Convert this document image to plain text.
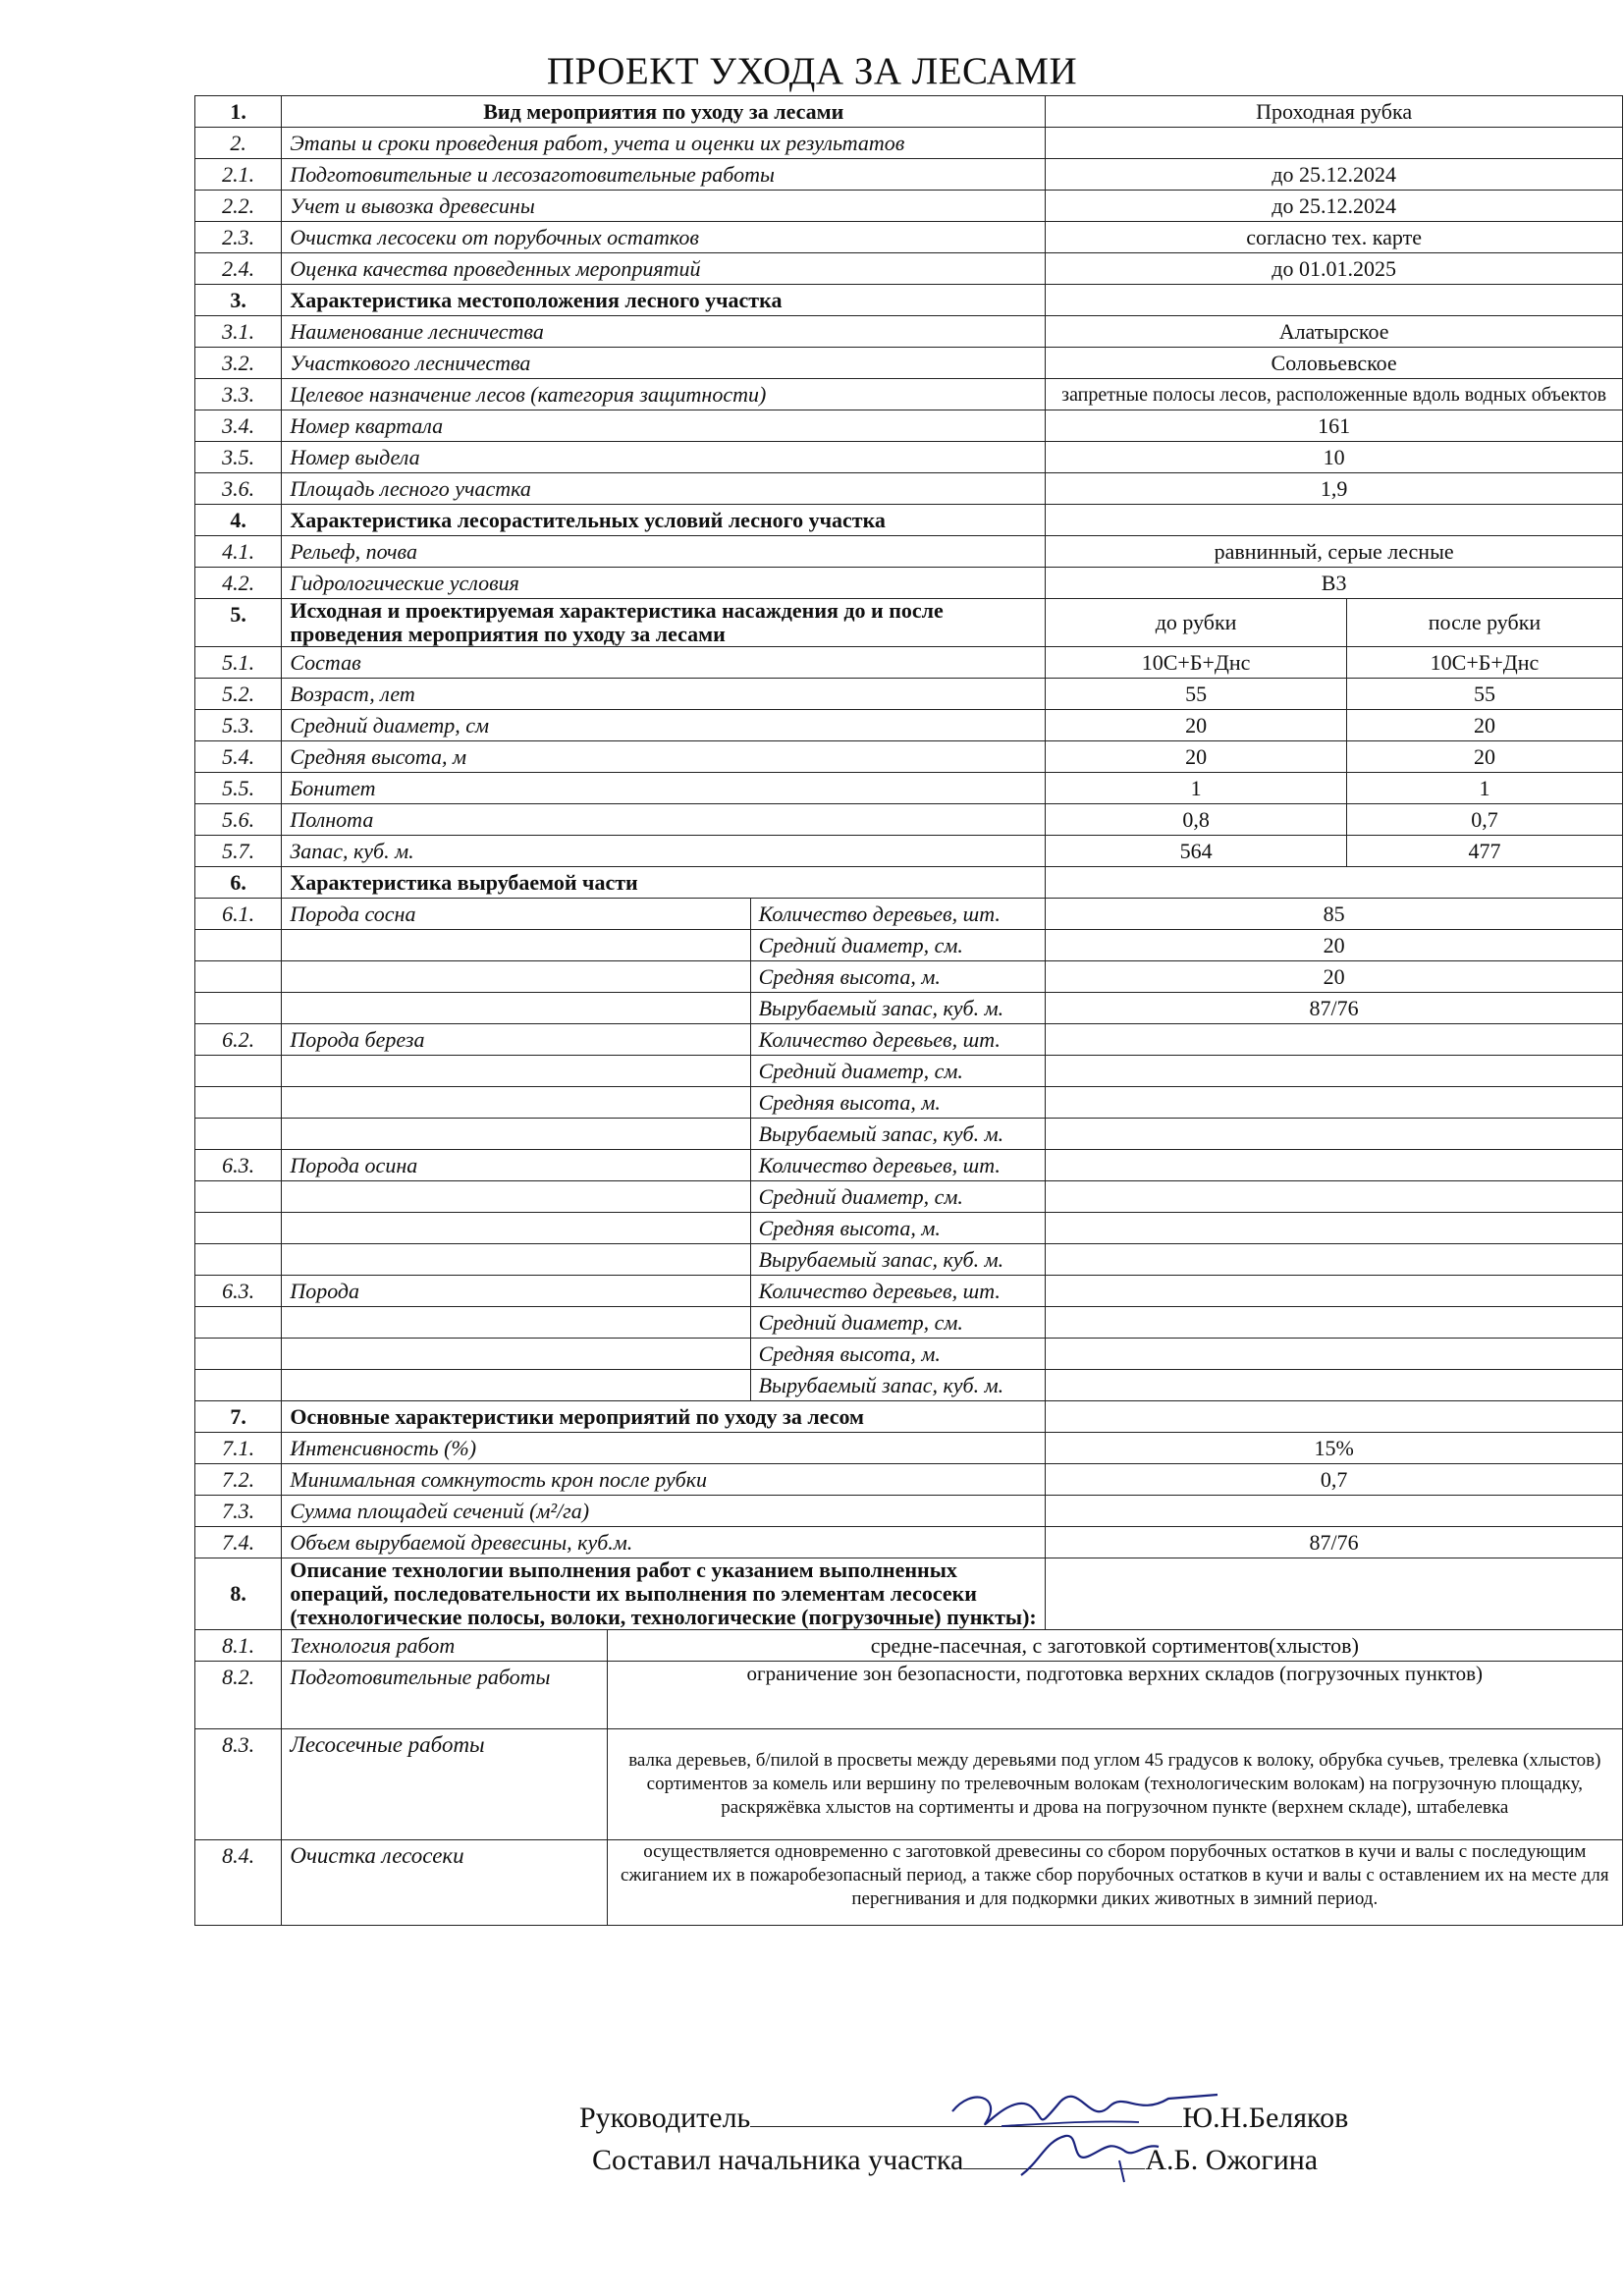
ПРОЕКТ УХОДА ЗА ЛЕСАМИ
1.	Вид мероприятия по уходу за лесами			Проходная рубка	
2.	Этапы и сроки проведения работ, учета и оценки их результатов				
2.1.	Подготовительные и лесозаготовительные работы			до 25.12.2024	
2.2.	Учет и вывозка древесины			до 25.12.2024	
2.3.	Очистка лесосеки от порубочных остатков			согласно тех. карте	
2.4.	Оценка качества проведенных мероприятий			до 01.01.2025	
3.	Характеристика местоположения лесного участка				
3.1.	Наименование лесничества			Алатырское	
3.2.	Участкового лесничества			Соловьевское	
3.3.	Целевое назначение лесов (категория защитности)			запретные полосы лесов, расположенные вдоль водных объектов	
3.4.	Номер квартала			161	
3.5.	Номер выдела			10	
3.6.	Площадь лесного участка			1,9	
4.	Характеристика лесорастительных условий лесного участка				
4.1.	Рельеф, почва			равнинный, серые лесные	
4.2.	Гидрологические условия			В3	
5.	Исходная и проектируемая характеристика насаждения до и после проведения мероприятия по уходу за лесами			до рубки	после рубки
5.1.	Состав			10С+Б+Днс	10С+Б+Днс
5.2.	Возраст, лет			55	55
5.3.	Средний диаметр, см			20	20
5.4.	Средняя высота, м			20	20
5.5.	Бонитет			1	1
5.6.	Полнота			0,8	0,7
5.7.	Запас, куб. м.			564	477
6.	Характеристика вырубаемой части				
6.1.	Порода сосна		Количество деревьев, шт.	85	
			Средний диаметр, см.	20	
			Средняя высота, м.	20	
			Вырубаемый запас, куб. м.	87/76	
6.2.	Порода береза		Количество деревьев, шт.		
			Средний диаметр, см.		
			Средняя высота, м.		
			Вырубаемый запас, куб. м.		
6.3.	Порода осина		Количество деревьев, шт.		
			Средний диаметр, см.		
			Средняя высота, м.		
			Вырубаемый запас, куб. м.		
6.3.	Порода		Количество деревьев, шт.		
			Средний диаметр, см.		
			Средняя высота, м.		
			Вырубаемый запас, куб. м.		
7.	Основные характеристики мероприятий по уходу за лесом				
7.1.	Интенсивность (%)			15%	
7.2.	Минимальная сомкнутость крон после рубки			0,7	
7.3.	Сумма площадей сечений (м²/га)				
7.4.	Объем вырубаемой древесины, куб.м.			87/76	
8.	Описание технологии выполнения работ с указанием выполненных операций, последовательности их выполнения по элементам лесосеки (технологические полосы, волоки, технологические (погрузочные) пункты):				
8.1.	Технология работ	средне-пасечная, с заготовкой сортиментов(хлыстов)			
8.2.	Подготовительные работы	ограничение зон безопасности, подготовка верхних складов (погрузочных пунктов)			
8.3.	Лесосечные работы	валка деревьев, б/пилой в просветы между деревьями под углом 45 градусов к волоку, обрубка сучьев, трелевка (хлыстов) сортиментов за комель или вершину по трелевочным волокам (технологическим волокам) на погрузочную площадку, раскряжёвка хлыстов на сортименты и дрова на погрузочном пункте (верхнем складе), штабелевка			
8.4.	Очистка лесосеки	осуществляется одновременно с заготовкой древесины со сбором порубочных остатков в кучи и валы с последующим сжиганием их в пожаробезопасный период, а также сбор порубочных остатков в кучи и валы с оставлением их на месте для перегнивания и для подкормки диких животных в зимний период.			
Руководитель	Ю.Н.Беляков
Составил начальника участка	А.Б. Ожогина
